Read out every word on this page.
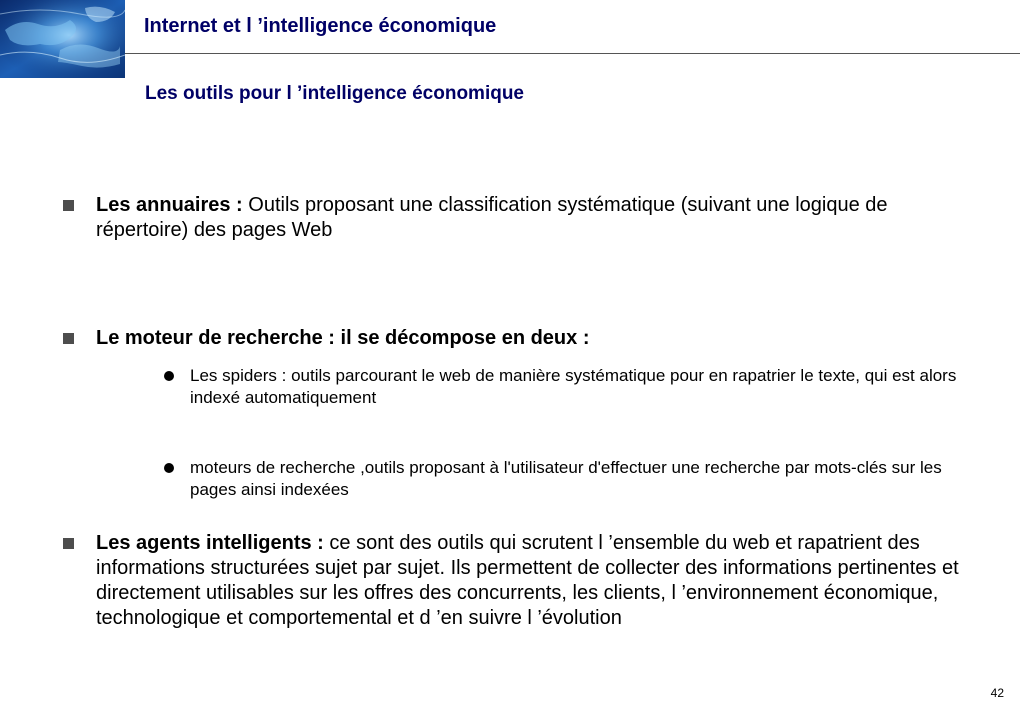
Internet et l ’intelligence économique
Les outils pour l ’intelligence économique
Les annuaires : Outils proposant une classification systématique (suivant une logique de répertoire) des pages Web
Le moteur de recherche : il se décompose en deux :
Les spiders : outils parcourant le web de manière systématique pour en rapatrier le texte, qui est alors indexé automatiquement
moteurs de recherche ,outils proposant à l'utilisateur d'effectuer une recherche par mots-clés sur les pages ainsi indexées
Les agents intelligents : ce sont des outils qui scrutent l ’ensemble du web et rapatrient des informations structurées sujet par sujet. Ils permettent de collecter des informations pertinentes et directement utilisables sur les offres des concurrents, les clients, l ’environnement économique, technologique et comportemental et d ’en suivre l ’évolution
42
